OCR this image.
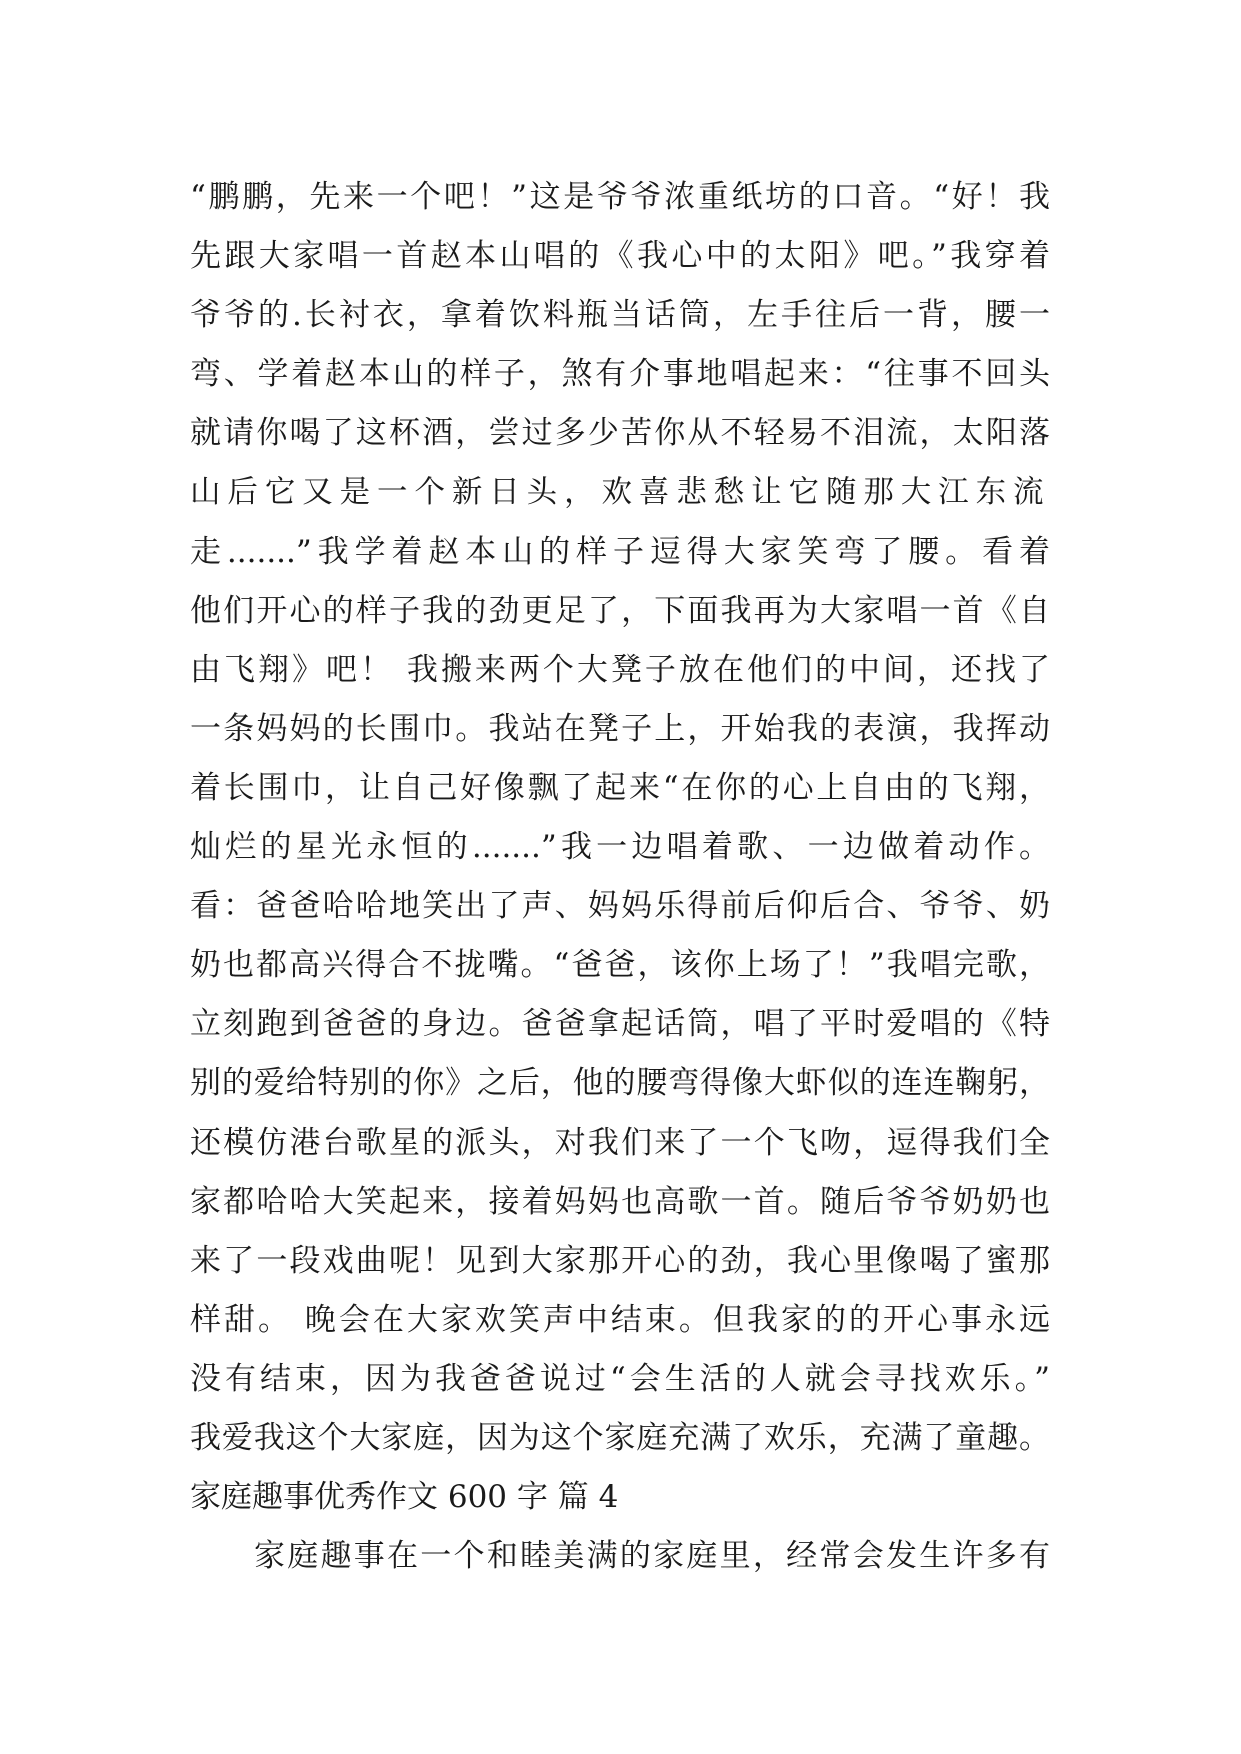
“鹏鹏，先来一个吧！”这是爷爷浓重纸坊的口音。“好！我
先跟大家唱一首赵本山唱的《我心中的太阳》吧。”我穿着
爷爷的.长衬衣，拿着饮料瓶当话筒，左手往后一背，腰一
弯、学着赵本山的样子，煞有介事地唱起来：“往事不回头
就请你喝了这杯酒，尝过多少苦你从不轻易不泪流，太阳落
山后它又是一个新日头，欢喜悲愁让它随那大江东流
走.......”我学着赵本山的样子逗得大家笑弯了腰。看着
他们开心的样子我的劲更足了，下面我再为大家唱一首《自
由飞翔》吧！ 我搬来两个大凳子放在他们的中间，还找了
一条妈妈的长围巾。我站在凳子上，开始我的表演，我挥动
着长围巾，让自己好像飘了起来“在你的心上自由的飞翔，
灿烂的星光永恒的.......”我一边唱着歌、一边做着动作。
看：爸爸哈哈地笑出了声、妈妈乐得前后仰后合、爷爷、奶
奶也都高兴得合不拢嘴。“爸爸，该你上场了！”我唱完歌，
立刻跑到爸爸的身边。爸爸拿起话筒，唱了平时爱唱的《特
别的爱给特别的你》之后，他的腰弯得像大虾似的连连鞠躬，
还模仿港台歌星的派头，对我们来了一个飞吻，逗得我们全
家都哈哈大笑起来，接着妈妈也高歌一首。随后爷爷奶奶也
来了一段戏曲呢！见到大家那开心的劲，我心里像喝了蜜那
样甜。 晚会在大家欢笑声中结束。但我家的的开心事永远
没有结束，因为我爸爸说过“会生活的人就会寻找欢乐。”
我爱我这个大家庭，因为这个家庭充满了欢乐，充满了童趣。
家庭趣事优秀作文 600 字 篇 4
家庭趣事在一个和睦美满的家庭里，经常会发生许多有
